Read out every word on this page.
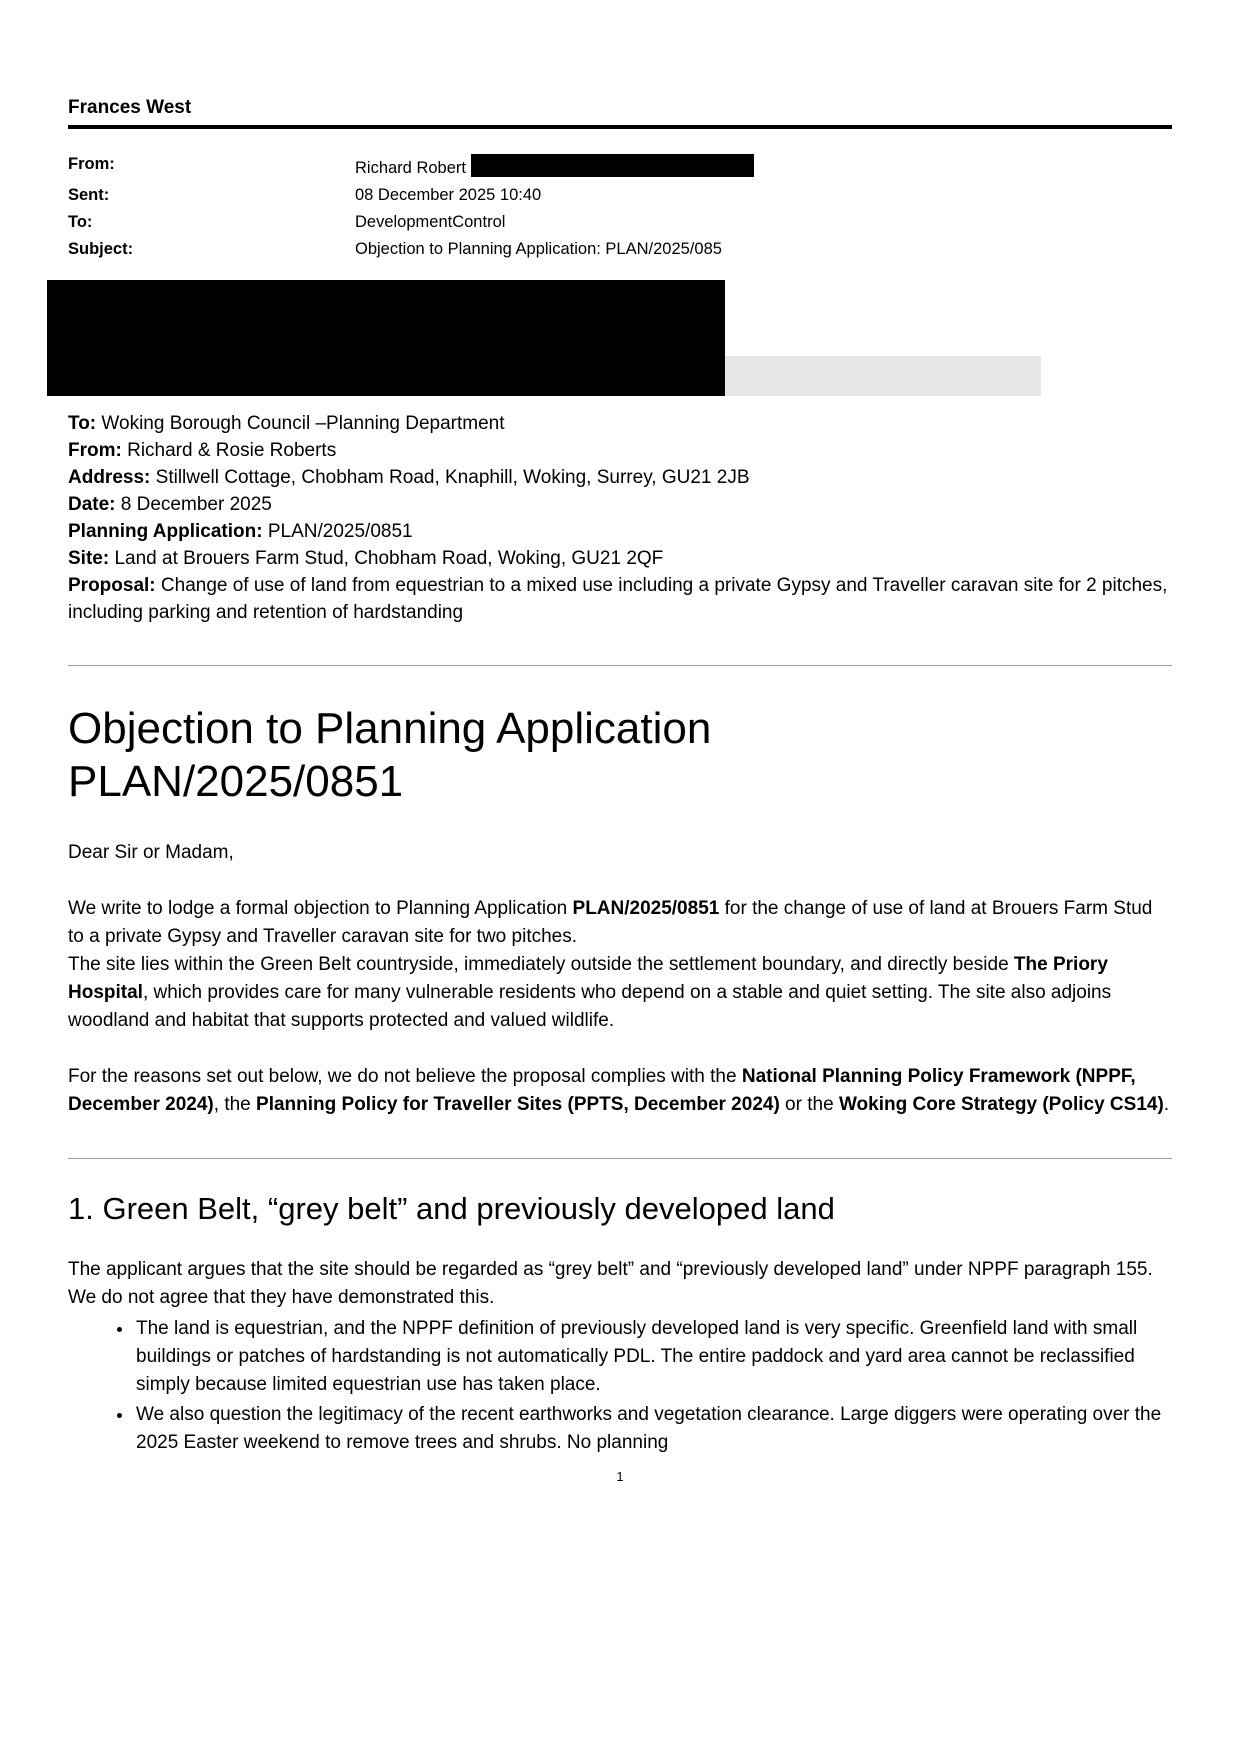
Frances West
From:	Richard Robert
Sent:	08 December 2025 10:40
To:	DevelopmentControl
Subject:	Objection to Planning Application: PLAN/2025/085

To: Woking Borough Council –Planning Department

From: Richard & Rosie Roberts

Address: Stillwell Cottage, Chobham Road, Knaphill, Woking, Surrey, GU21 2JB

Date: 8 December 2025

Planning Application: PLAN/2025/0851

Site: Land at Brouers Farm Stud, Chobham Road, Woking, GU21 2QF

Proposal: Change of use of land from equestrian to a mixed use including a private Gypsy and Traveller caravan site for 2 pitches, including parking and retention of hardstanding

Objection to Planning Application
PLAN/2025/0851

Dear Sir or Madam,

We write to lodge a formal objection to Planning Application PLAN/2025/0851 for the change of use of land at Brouers Farm Stud to a private Gypsy and Traveller caravan site for two pitches.

The site lies within the Green Belt countryside, immediately outside the settlement boundary, and directly beside The Priory Hospital, which provides care for many vulnerable residents who depend on a stable and quiet setting. The site also adjoins woodland and habitat that supports protected and valued wildlife.

For the reasons set out below, we do not believe the proposal complies with the National Planning Policy Framework (NPPF, December 2024), the Planning Policy for Traveller Sites (PPTS, December 2024) or the Woking Core Strategy (Policy CS14).

1. Green Belt, “grey belt” and previously developed land

The applicant argues that the site should be regarded as “grey belt” and “previously developed land” under NPPF paragraph 155. We do not agree that they have demonstrated this.

• The land is equestrian, and the NPPF definition of previously developed land is very specific. Greenfield land with small buildings or patches of hardstanding is not automatically PDL. The entire paddock and yard area cannot be reclassified simply because limited equestrian use has taken place.
• We also question the legitimacy of the recent earthworks and vegetation clearance. Large diggers were operating over the 2025 Easter weekend to remove trees and shrubs. No planning
1
